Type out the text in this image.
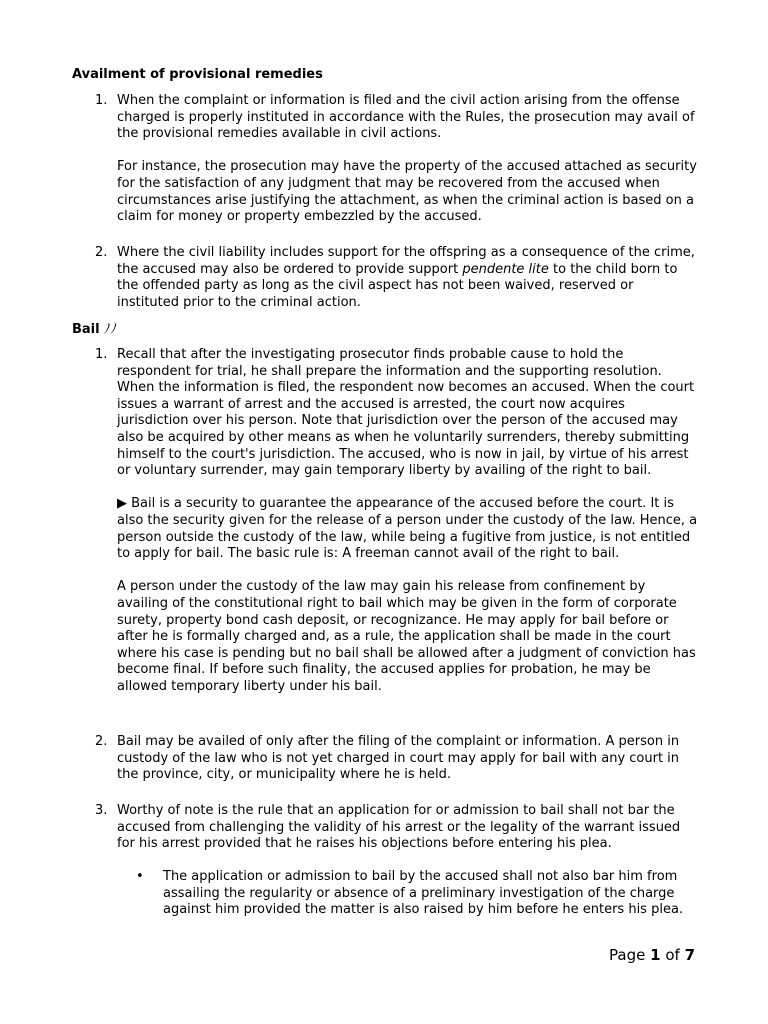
Availment of provisional remedies
1. When the complaint or information is filed and the civil action arising from the offense charged is properly instituted in accordance with the Rules, the prosecution may avail of the provisional remedies available in civil actions.

For instance, the prosecution may have the property of the accused attached as security for the satisfaction of any judgment that may be recovered from the accused when circumstances arise justifying the attachment, as when the criminal action is based on a claim for money or property embezzled by the accused.

2. Where the civil liability includes support for the offspring as a consequence of the crime, the accused may also be ordered to provide support pendente lite to the child born to the offended party as long as the civil aspect has not been waived, reserved or instituted prior to the criminal action.

Bail ﾉﾉ
1. Recall that after the investigating prosecutor finds probable cause to hold the respondent for trial, he shall prepare the information and the supporting resolution. When the information is filed, the respondent now becomes an accused. When the court issues a warrant of arrest and the accused is arrested, the court now acquires jurisdiction over his person. Note that jurisdiction over the person of the accused may also be acquired by other means as when he voluntarily surrenders, thereby submitting himself to the court's jurisdiction. The accused, who is now in jail, by virtue of his arrest or voluntary surrender, may gain temporary liberty by availing of the right to bail.

▶ Bail is a security to guarantee the appearance of the accused before the court. It is also the security given for the release of a person under the custody of the law. Hence, a person outside the custody of the law, while being a fugitive from justice, is not entitled to apply for bail. The basic rule is: A freeman cannot avail of the right to bail.

A person under the custody of the law may gain his release from confinement by availing of the constitutional right to bail which may be given in the form of corporate surety, property bond cash deposit, or recognizance. He may apply for bail before or after he is formally charged and, as a rule, the application shall be made in the court where his case is pending but no bail shall be allowed after a judgment of conviction has become final. If before such finality, the accused applies for probation, he may be allowed temporary liberty under his bail.

2. Bail may be availed of only after the filing of the complaint or information. A person in custody of the law who is not yet charged in court may apply for bail with any court in the province, city, or municipality where he is held.

3. Worthy of note is the rule that an application for or admission to bail shall not bar the accused from challenging the validity of his arrest or the legality of the warrant issued for his arrest provided that he raises his objections before entering his plea.

• The application or admission to bail by the accused shall not also bar him from assailing the regularity or absence of a preliminary investigation of the charge against him provided the matter is also raised by him before he enters his plea.

Page 1 of 7
